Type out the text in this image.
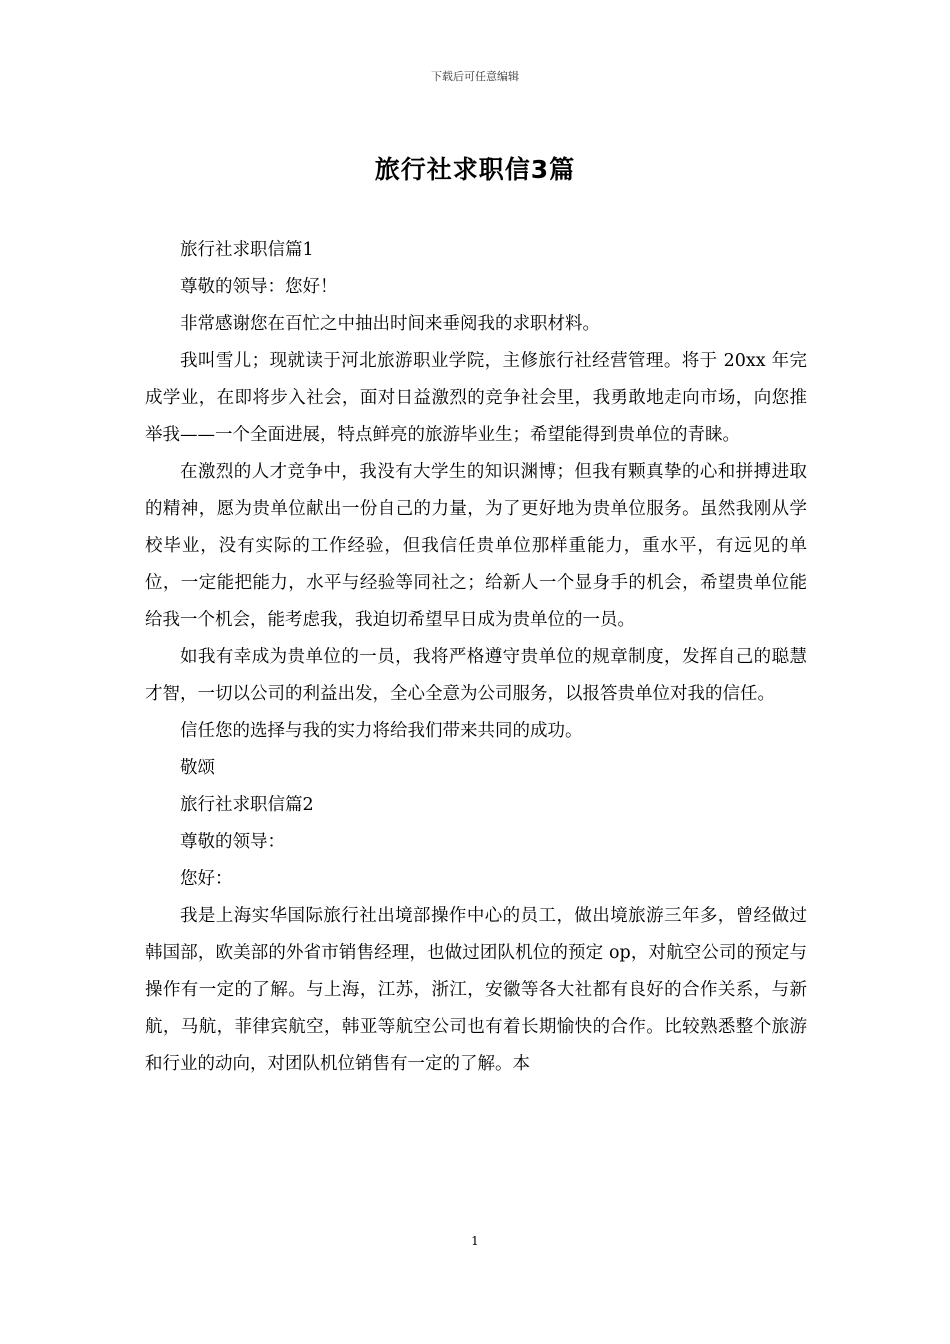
下载后可任意编辑
旅行社求职信3篇

旅行社求职信篇1

尊敬的领导：您好！

非常感谢您在百忙之中抽出时间来垂阅我的求职材料。

我叫雪儿；现就读于河北旅游职业学院，主修旅行社经营管理。将于 20xx 年完成学业，在即将步入社会，面对日益激烈的竞争社会里，我勇敢地走向市场，向您推举我——一个全面进展，特点鲜亮的旅游毕业生；希望能得到贵单位的青睐。

在激烈的人才竞争中，我没有大学生的知识渊博；但我有颗真挚的心和拼搏进取的精神，愿为贵单位献出一份自己的力量，为了更好地为贵单位服务。虽然我刚从学校毕业，没有实际的工作经验，但我信任贵单位那样重能力，重水平，有远见的单位，一定能把能力，水平与经验等同社之；给新人一个显身手的机会，希望贵单位能给我一个机会，能考虑我，我迫切希望早日成为贵单位的一员。

如我有幸成为贵单位的一员，我将严格遵守贵单位的规章制度，发挥自己的聪慧才智，一切以公司的利益出发，全心全意为公司服务，以报答贵单位对我的信任。

信任您的选择与我的实力将给我们带来共同的成功。

敬颂

旅行社求职信篇2

尊敬的领导：

您好：

我是上海实华国际旅行社出境部操作中心的员工，做出境旅游三年多，曾经做过韩国部，欧美部的外省市销售经理，也做过团队机位的预定 op，对航空公司的预定与操作有一定的了解。与上海，江苏，浙江，安徽等各大社都有良好的合作关系，与新航，马航，菲律宾航空，韩亚等航空公司也有着长期愉快的合作。比较熟悉整个旅游和行业的动向，对团队机位销售有一定的了解。本

1
